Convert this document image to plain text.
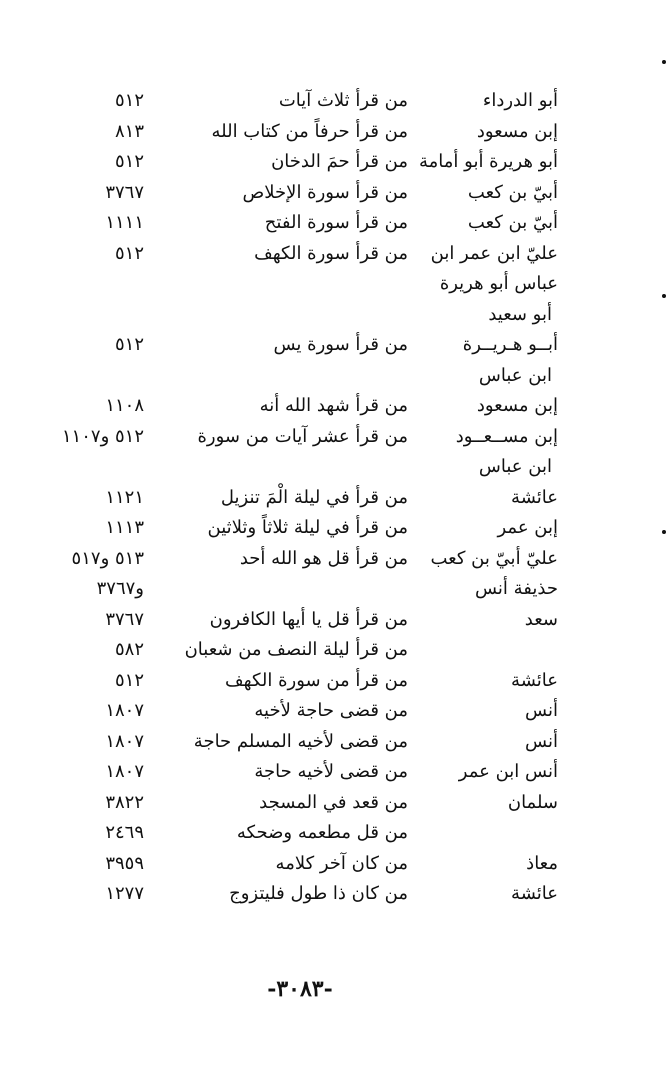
أبو الدرداء
من قرأ ثلاث آيات
٥١٢
إبن مسعود
من قرأ حرفاً من كتاب الله
٨١٣
أبو هريرة أبو أمامة
من قرأ حمَ الدخان
٥١٢
أبيّ بن كعب
من قرأ سورة الإخلاص
٣٧٦٧
أبيّ بن كعب
من قرأ سورة الفتح
١١١١
عليّ ابن عمر ابن
من قرأ سورة الكهف
٥١٢
عباس أبو هريرة
أبو سعيد
أبــو هـريــرة
من قرأ سورة يس
٥١٢
ابن عباس
إبن مسعود
من قرأ شهد الله أنه
١١٠٨
إبن مســعــود
من قرأ عشر آيات من سورة
٥١٢ و١١٠٧
ابن عباس
عائشة
من قرأ في ليلة الْمَ تنزيل
١١٢١
إبن عمر
من قرأ في ليلة ثلاثاً وثلاثين
١١١٣
عليّ أبيّ بن كعب
من قرأ قل هو الله أحد
٥١٣ و٥١٧
حذيفة أنس
و٣٧٦٧
سعد
من قرأ قل يا أيها الكافرون
٣٧٦٧
من قرأ ليلة النصف من شعبان
٥٨٢
عائشة
من قرأ من سورة الكهف
٥١٢
أنس
من قضى حاجة لأخيه
١٨٠٧
أنس
من قضى لأخيه المسلم حاجة
١٨٠٧
أنس ابن عمر
من قضى لأخيه حاجة
١٨٠٧
سلمان
من قعد في المسجد
٣٨٢٢
من قل مطعمه وضحكه
٢٤٦٩
معاذ
من كان آخر كلامه
٣٩٥٩
عائشة
من كان ذا طول فليتزوج
١٢٧٧
-٣٠٨٣-
